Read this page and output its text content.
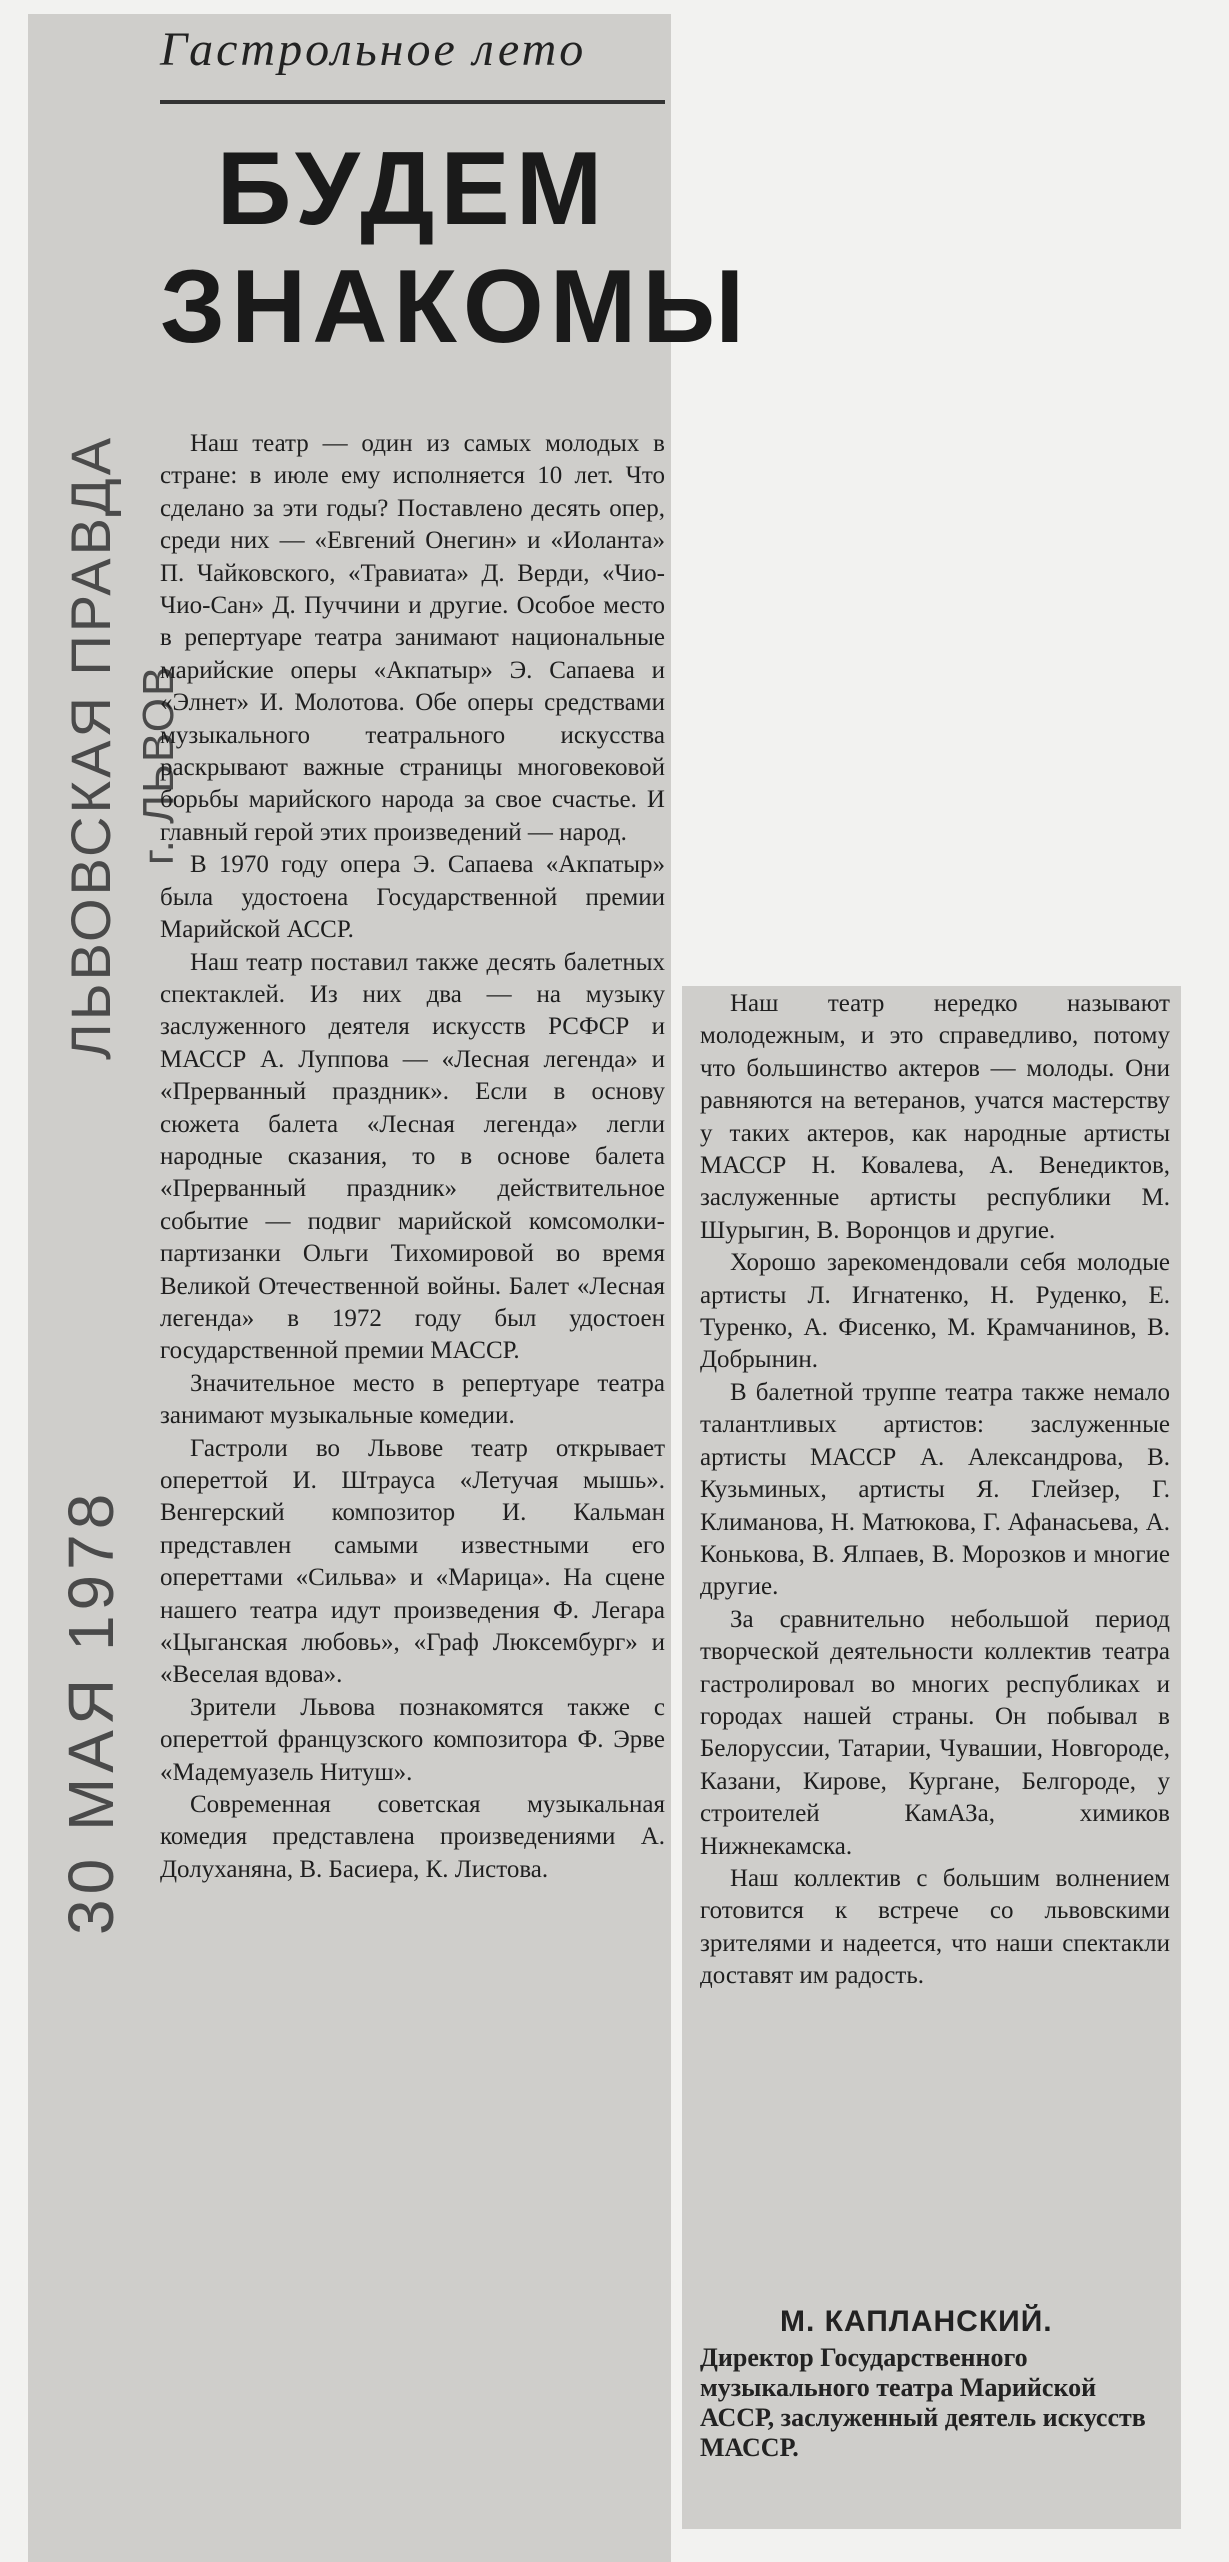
ЛЬВОВСКАЯ ПРАВДА г. ЛЬВОВ
30 МАЯ 1978
Гастрольное лето
БУДЕМ
ЗНАКОМЫ

Наш театр — один из самых молодых в стране: в июле ему исполняется 10 лет. Что сделано за эти годы? Поставлено десять опер, среди них — «Евгений Онегин» и «Иоланта» П. Чайковского, «Травиата» Д. Верди, «Чио-Чио-Сан» Д. Пуччини и другие. Особое место в репертуаре театра занимают национальные марийские оперы «Акпатыр» Э. Сапаева и «Элнет» И. Молотова. Обе оперы средствами музыкального театрального искусства раскрывают важные страницы многовековой борьбы марийского народа за свое счастье. И главный герой этих произведений — народ.

В 1970 году опера Э. Сапаева «Акпатыр» была удостоена Государственной премии Марийской АССР.

Наш театр поставил также десять балетных спектаклей. Из них два — на музыку заслуженного деятеля искусств РСФСР и МАССР А. Луппова — «Лесная легенда» и «Прерванный праздник». Если в основу сюжета балета «Лесная легенда» легли народные сказания, то в основе балета «Прерванный праздник» действительное событие — подвиг марийской комсомолки-партизанки Ольги Тихомировой во время Великой Отечественной войны. Балет «Лесная легенда» в 1972 году был удостоен государственной премии МАССР.

Значительное место в репертуаре театра занимают музыкальные комедии.

Гастроли во Львове театр открывает опереттой И. Штрауса «Летучая мышь». Венгерский композитор И. Кальман представлен самыми известными его опереттами «Сильва» и «Марица». На сцене нашего театра идут произведения Ф. Легара «Цыганская любовь», «Граф Люксембург» и «Веселая вдова».

Зрители Львова познакомятся также с опереттой французского композитора Ф. Эрве «Мадемуазель Нитуш».

Современная советская музыкальная комедия представлена произведениями А. Долуханяна, В. Басиера, К. Листова.

Наш театр нередко называют молодежным, и это справедливо, потому что большинство актеров — молоды. Они равняются на ветеранов, учатся мастерству у таких актеров, как народные артисты МАССР Н. Ковалева, А. Венедиктов, заслуженные артисты республики М. Шурыгин, В. Воронцов и другие.

Хорошо зарекомендовали себя молодые артисты Л. Игнатенко, Н. Руденко, Е. Туренко, А. Фисенко, М. Крамчанинов, В. Добрынин.

В балетной труппе театра также немало талантливых артистов: заслуженные артисты МАССР А. Александрова, В. Кузьминых, артисты Я. Глейзер, Г. Климанова, Н. Матюкова, Г. Афанасьева, А. Конькова, В. Ялпаев, В. Морозков и многие другие.

За сравнительно небольшой период творческой деятельности коллектив театра гастролировал во многих республиках и городах нашей страны. Он побывал в Белоруссии, Татарии, Чувашии, Новгороде, Казани, Кирове, Кургане, Белгороде, у строителей КамАЗа, химиков Нижнекамска.

Наш коллектив с большим волнением готовится к встрече со львовскими зрителями и надеется, что наши спектакли доставят им радость.

М. КАПЛАНСКИЙ.
Директор Государственного музыкального театра Марийской АССР, заслуженный деятель искусств МАССР.
